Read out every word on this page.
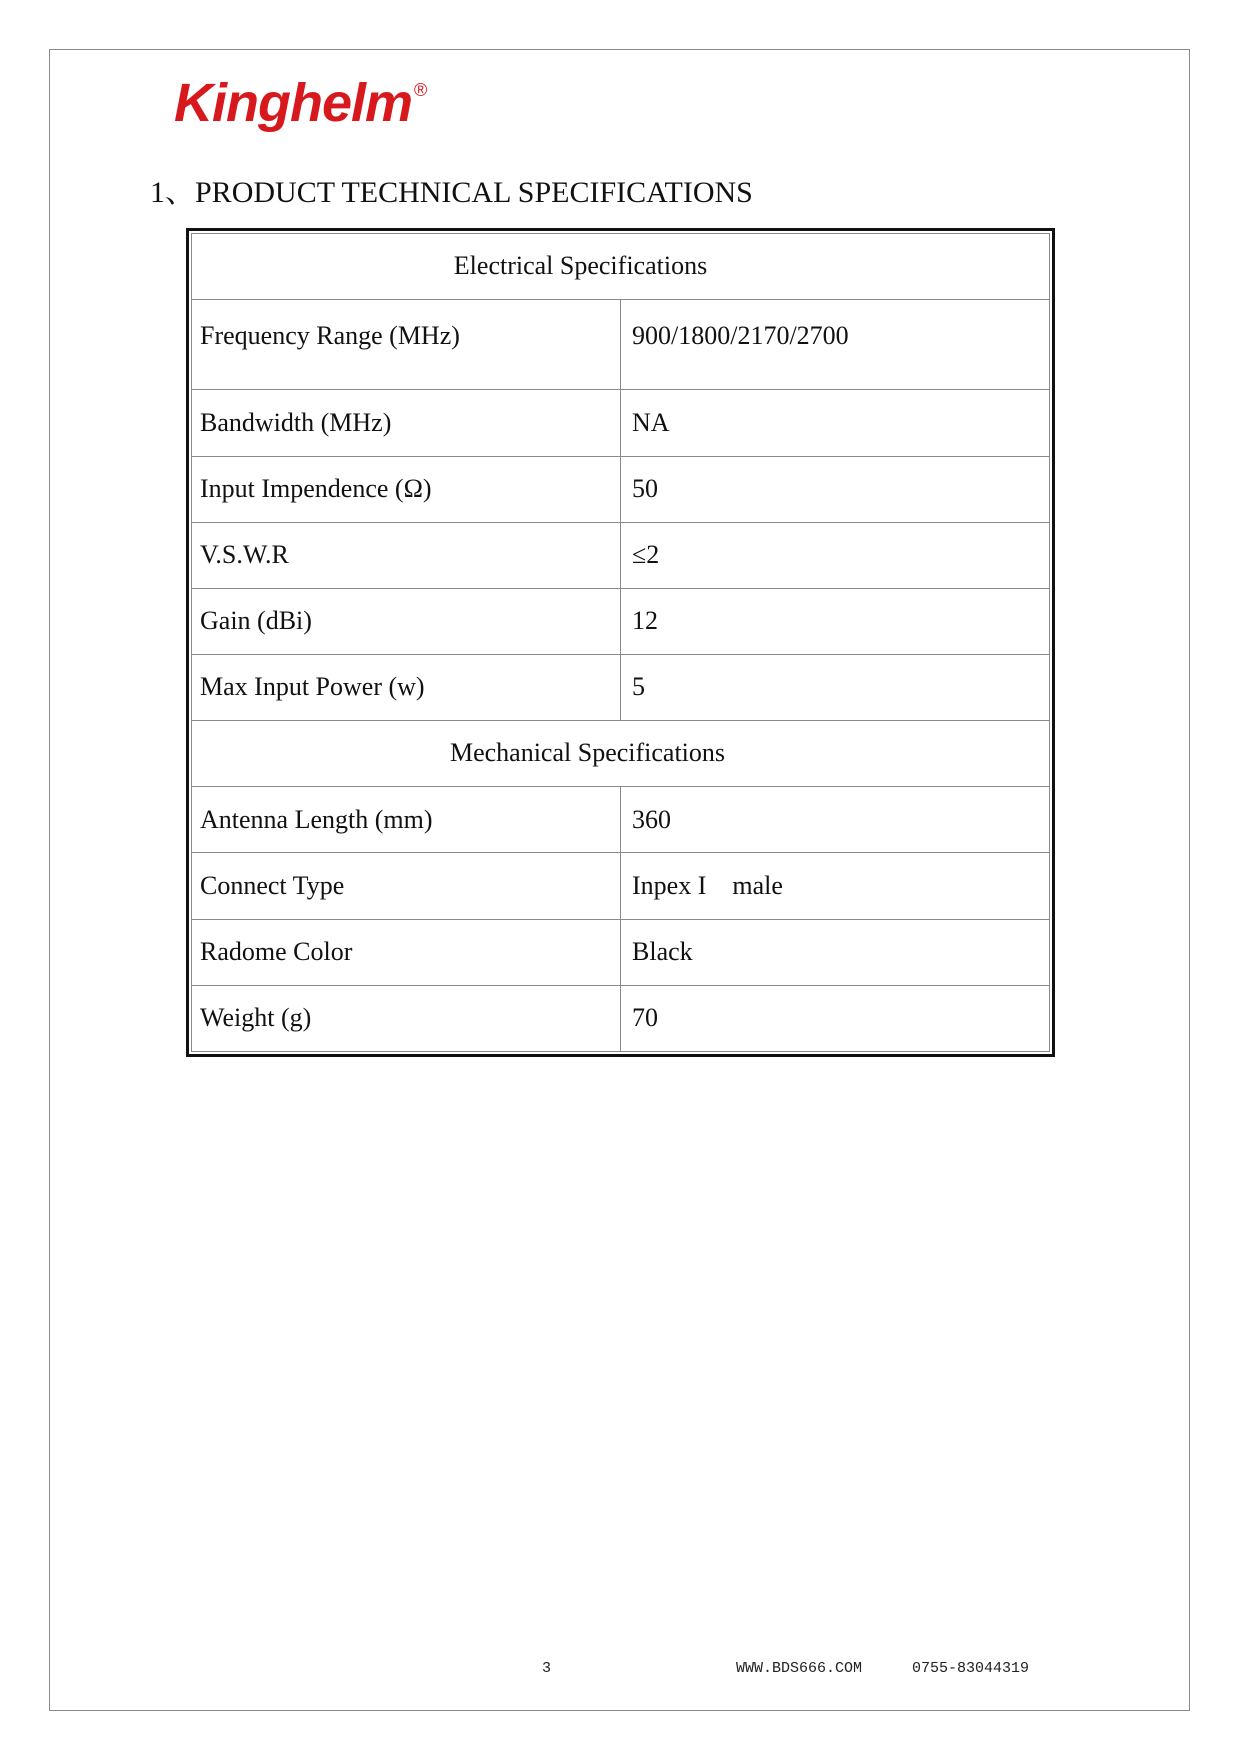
Kinghelm ®
1、PRODUCT TECHNICAL SPECIFICATIONS
Electrical Specifications	
Frequency Range (MHz)	900/1800/2170/2700
Bandwidth (MHz)	NA
Input Impendence (Ω)	50
V.S.W.R	≤2
Gain (dBi)	12
Max Input Power (w)	5
Mechanical Specifications	
Antenna Length (mm)	360
Connect Type	Inpex I    male
Radome Color	Black
Weight (g)	70
3	WWW.BDS666.COM	0755-83044319
